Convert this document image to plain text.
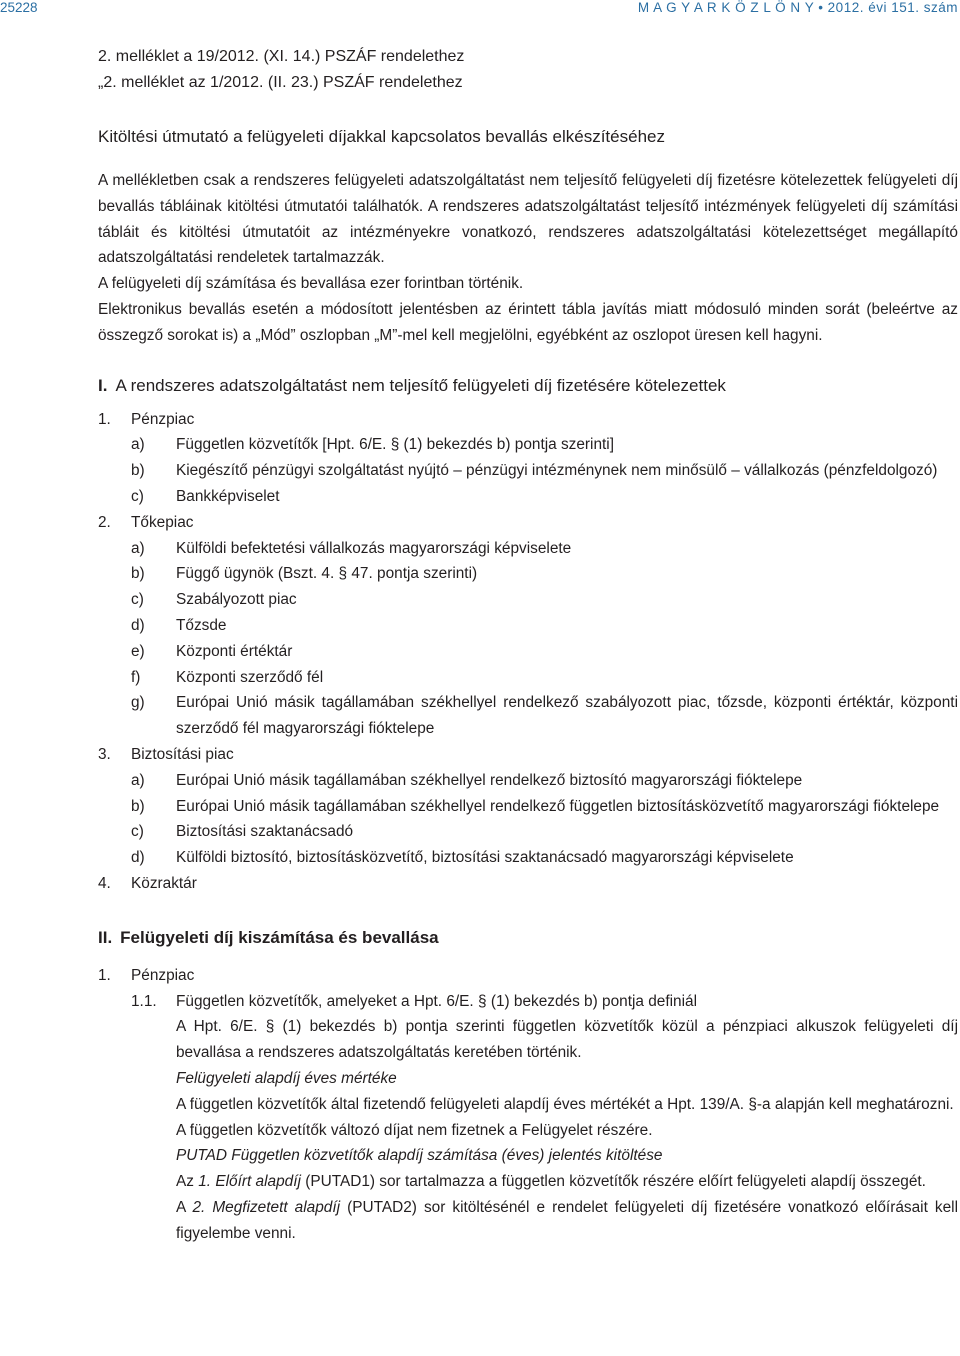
25228	M A G Y A R K Ö Z L Ö N Y • 2012. évi 151. szám
2. melléklet a 19/2012. (XI. 14.) PSZÁF rendelethez
„2. melléklet az 1/2012. (II. 23.) PSZÁF rendelethez
Kitöltési útmutató a felügyeleti díjakkal kapcsolatos bevallás elkészítéséhez

A mellékletben csak a rendszeres felügyeleti adatszolgáltatást nem teljesítő felügyeleti díj fizetésre kötelezettek felügyeleti díj bevallás tábláinak kitöltési útmutatói találhatók. A rendszeres adatszolgáltatást teljesítő intézmények felügyeleti díj számítási tábláit és kitöltési útmutatóit az intézményekre vonatkozó, rendszeres adatszolgáltatási kötelezettséget megállapító adatszolgáltatási rendeletek tartalmazzák.

A felügyeleti díj számítása és bevallása ezer forintban történik.

Elektronikus bevallás esetén a módosított jelentésben az érintett tábla javítás miatt módosuló minden sorát (beleértve az összegző sorokat is) a „Mód” oszlopban „M”-mel kell megjelölni, egyébként az oszlopot üresen kell hagyni.

I. A rendszeres adatszolgáltatást nem teljesítő felügyeleti díj fizetésére kötelezettek
1.	Pénzpiac
a)	Független közvetítők [Hpt. 6/E. § (1) bekezdés b) pontja szerinti]
b)	Kiegészítő pénzügyi szolgáltatást nyújtó – pénzügyi intézménynek nem minősülő – vállalkozás (pénzfeldolgozó)
c)	Bankképviselet
2.	Tőkepiac
a)	Külföldi befektetési vállalkozás magyarországi képviselete
b)	Függő ügynök (Bszt. 4. § 47. pontja szerinti)
c)	Szabályozott piac
d)	Tőzsde
e)	Központi értéktár
f)	Központi szerződő fél
g)	Európai Unió másik tagállamában székhellyel rendelkező szabályozott piac, tőzsde, központi értéktár, központi szerződő fél magyarországi fióktelepe
3.	Biztosítási piac
a)	Európai Unió másik tagállamában székhellyel rendelkező biztosító magyarországi fióktelepe
b)	Európai Unió másik tagállamában székhellyel rendelkező független biztosításközvetítő magyarországi fióktelepe
c)	Biztosítási szaktanácsadó
d)	Külföldi biztosító, biztosításközvetítő, biztosítási szaktanácsadó magyarországi képviselete
4.	Közraktár
II. Felügyeleti díj kiszámítása és bevallása
1.	Pénzpiac
1.1.	Független közvetítők, amelyeket a Hpt. 6/E. § (1) bekezdés b) pontja definiál
A Hpt. 6/E. § (1) bekezdés b) pontja szerinti független közvetítők közül a pénzpiaci alkuszok felügyeleti díj bevallása a rendszeres adatszolgáltatás keretében történik.
Felügyeleti alapdíj éves mértéke
A független közvetítők által fizetendő felügyeleti alapdíj éves mértékét a Hpt. 139/A. §-a alapján kell meghatározni.
A független közvetítők változó díjat nem fizetnek a Felügyelet részére.
PUTAD Független közvetítők alapdíj számítása (éves) jelentés kitöltése
Az 1. Előírt alapdíj (PUTAD1) sor tartalmazza a független közvetítők részére előírt felügyeleti alapdíj összegét.
A 2. Megfizetett alapdíj (PUTAD2) sor kitöltésénél e rendelet felügyeleti díj fizetésére vonatkozó előírásait kell figyelembe venni.
